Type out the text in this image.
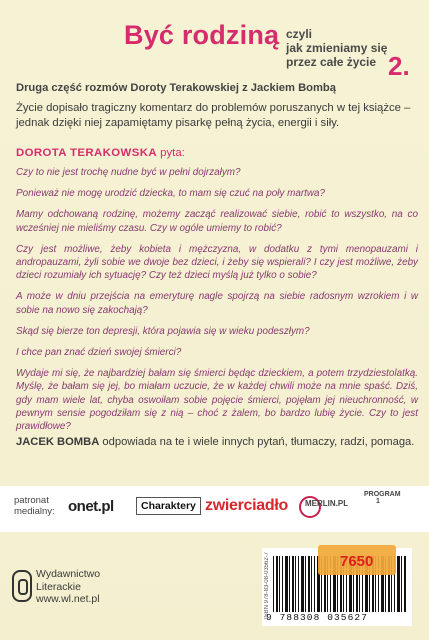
Być rodziną czyli
jak zmieniamy się
przez całe życie 2.
Druga część rozmów Doroty Terakowskiej z Jackiem Bombą
Życie dopisało tragiczny komentarz do problemów poruszanych w tej książce – jednak dzięki niej zapamiętamy pisarkę pełną życia, energii i siły.
DOROTA TERAKOWSKA pyta:

Czy to nie jest trochę nudne być w pełni dojrzałym?

Ponieważ nie mogę urodzić dziecka, to mam się czuć na poły martwa?

Mamy odchowaną rodzinę, możemy zacząć realizować siebie, robić to wszystko, na co wcześniej nie mieliśmy czasu. Czy w ogóle umiemy to robić?

Czy jest możliwe, żeby kobieta i mężczyzna, w dodatku z tymi menopauzami i andropauzami, żyli sobie we dwoje bez dzieci, i żeby się wspierali? I czy jest możliwe, żeby dzieci rozumiały ich sytuację? Czy też dzieci myślą już tylko o sobie?

A może w dniu przejścia na emeryturę nagle spojrzą na siebie radosnym wzrokiem i w sobie na nowo się zakochają?

Skąd się bierze ton depresji, która pojawia się w wieku podeszłym?

I chce pan znać dzień swojej śmierci?

Wydaje mi się, że najbardziej bałam się śmierci będąc dzieckiem, a potem trzydziestolatką. Myślę, że bałam się jej, bo miałam uczucie, że w każdej chwili może na mnie spaść. Dziś, gdy mam wiele lat, chyba oswoiłam sobie pojęcie śmierci, pojęłam jej nieuchronność, w pewnym sensie pogodziłam się z nią – choć z żalem, bo bardzo lubię życie. Czy to jest prawidłowe?

JACEK BOMBA odpowiada na te i wiele innych pytań, tłumaczy, radzi, pomaga.
patronat
medialny: onet.pl	Charaktery zwierciadło MERLIN.PL
PROGRAM 1
Wydawnictwo
Literackie
www.wl.net.pl	ISBN 978-83-08-03562-7
9 788308 035627
7650
